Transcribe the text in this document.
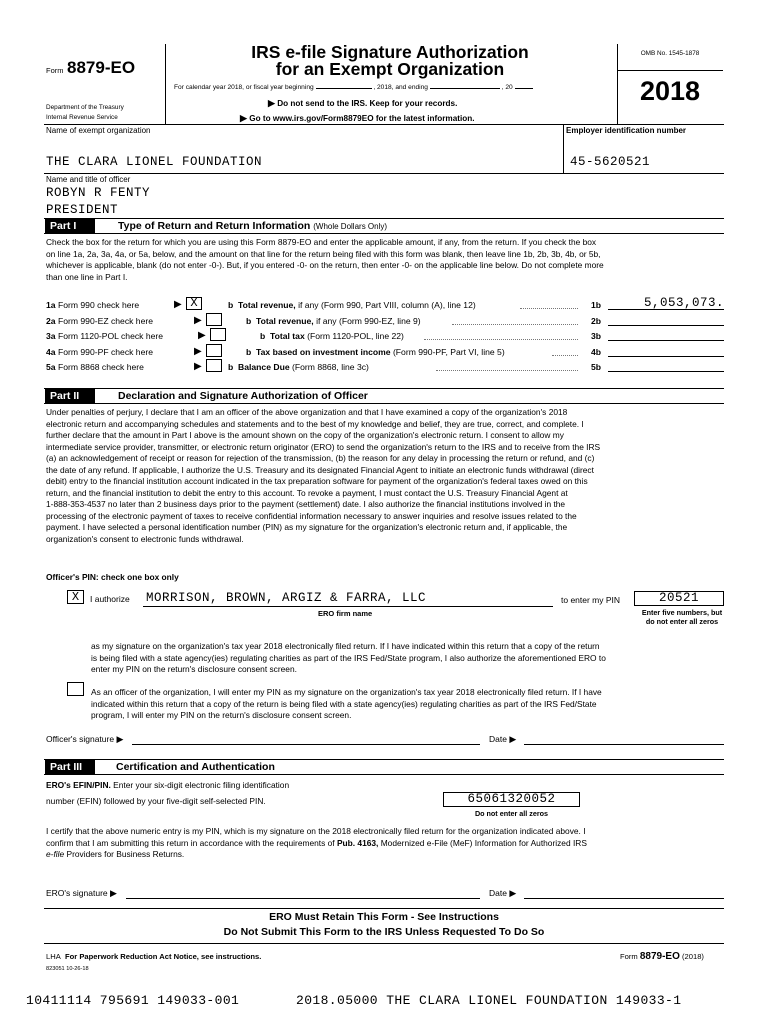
Form 8879-EO
Department of the Treasury
Internal Revenue Service
IRS e-file Signature Authorization
for an Exempt Organization
For calendar year 2018, or fiscal year beginning	, 2018, and ending	, 20
▶ Do not send to the IRS. Keep for your records.
▶ Go to www.irs.gov/Form8879EO for the latest information.
OMB No. 1545-1878
2018
Name of exempt organization	Employer identification number
THE CLARA LIONEL FOUNDATION	45-5620521
Name and title of officer
ROBYN R FENTY
PRESIDENT
Part I	Type of Return and Return Information (Whole Dollars Only)
Check the box for the return for which you are using this Form 8879-EO and enter the applicable amount, if any, from the return. If you check the box
on line 1a, 2a, 3a, 4a, or 5a, below, and the amount on that line for the return being filed with this form was blank, then leave line 1b, 2b, 3b, 4b, or 5b,
whichever is applicable, blank (do not enter -0-). But, if you entered -0- on the return, then enter -0- on the applicable line below. Do not complete more
than one line in Part I.
1a Form 990 check here	▶ X	b Total revenue, if any (Form 990, Part VIII, column (A), line 12)	1b	5,053,073.
2a Form 990-EZ check here	▶	b Total revenue, if any (Form 990-EZ, line 9)	2b
3a Form 1120-POL check here	▶	b Total tax (Form 1120-POL, line 22)	3b
4a Form 990-PF check here	▶	b Tax based on investment income (Form 990-PF, Part VI, line 5)	4b
5a Form 8868 check here	▶	b Balance Due (Form 8868, line 3c)	5b
Part II	Declaration and Signature Authorization of Officer
Under penalties of perjury, I declare that I am an officer of the above organization and that I have examined a copy of the organization's 2018
electronic return and accompanying schedules and statements and to the best of my knowledge and belief, they are true, correct, and complete. I
further declare that the amount in Part I above is the amount shown on the copy of the organization's electronic return. I consent to allow my
intermediate service provider, transmitter, or electronic return originator (ERO) to send the organization's return to the IRS and to receive from the IRS
(a) an acknowledgement of receipt or reason for rejection of the transmission, (b) the reason for any delay in processing the return or refund, and (c)
the date of any refund. If applicable, I authorize the U.S. Treasury and its designated Financial Agent to initiate an electronic funds withdrawal (direct
debit) entry to the financial institution account indicated in the tax preparation software for payment of the organization's federal taxes owed on this
return, and the financial institution to debit the entry to this account. To revoke a payment, I must contact the U.S. Treasury Financial Agent at
1-888-353-4537 no later than 2 business days prior to the payment (settlement) date. I also authorize the financial institutions involved in the
processing of the electronic payment of taxes to receive confidential information necessary to answer inquiries and resolve issues related to the
payment. I have selected a personal identification number (PIN) as my signature for the organization's electronic return and, if applicable, the
organization's consent to electronic funds withdrawal.
Officer's PIN: check one box only
X	I authorize MORRISON, BROWN, ARGIZ & FARRA, LLC
ERO firm name
to enter my PIN	20521
Enter five numbers, but
do not enter all zeros
as my signature on the organization's tax year 2018 electronically filed return. If I have indicated within this return that a copy of the return
is being filed with a state agency(ies) regulating charities as part of the IRS Fed/State program, I also authorize the aforementioned ERO to
enter my PIN on the return's disclosure consent screen.
As an officer of the organization, I will enter my PIN as my signature on the organization's tax year 2018 electronically filed return. If I have
indicated within this return that a copy of the return is being filed with a state agency(ies) regulating charities as part of the IRS Fed/State
program, I will enter my PIN on the return's disclosure consent screen.
Officer's signature ▶	Date ▶
Part III	Certification and Authentication
ERO's EFIN/PIN. Enter your six-digit electronic filing identification
number (EFIN) followed by your five-digit self-selected PIN.	65061320052
Do not enter all zeros
I certify that the above numeric entry is my PIN, which is my signature on the 2018 electronically filed return for the organization indicated above. I
confirm that I am submitting this return in accordance with the requirements of Pub. 4163, Modernized e-File (MeF) Information for Authorized IRS
e-file Providers for Business Returns.
ERO's signature ▶	Date ▶
ERO Must Retain This Form - See Instructions
Do Not Submit This Form to the IRS Unless Requested To Do So
LHA For Paperwork Reduction Act Notice, see instructions.	Form 8879-EO (2018)
823051 10-26-18
10411114 795691 149033-001	2018.05000 THE CLARA LIONEL FOUNDATION 149033-1
